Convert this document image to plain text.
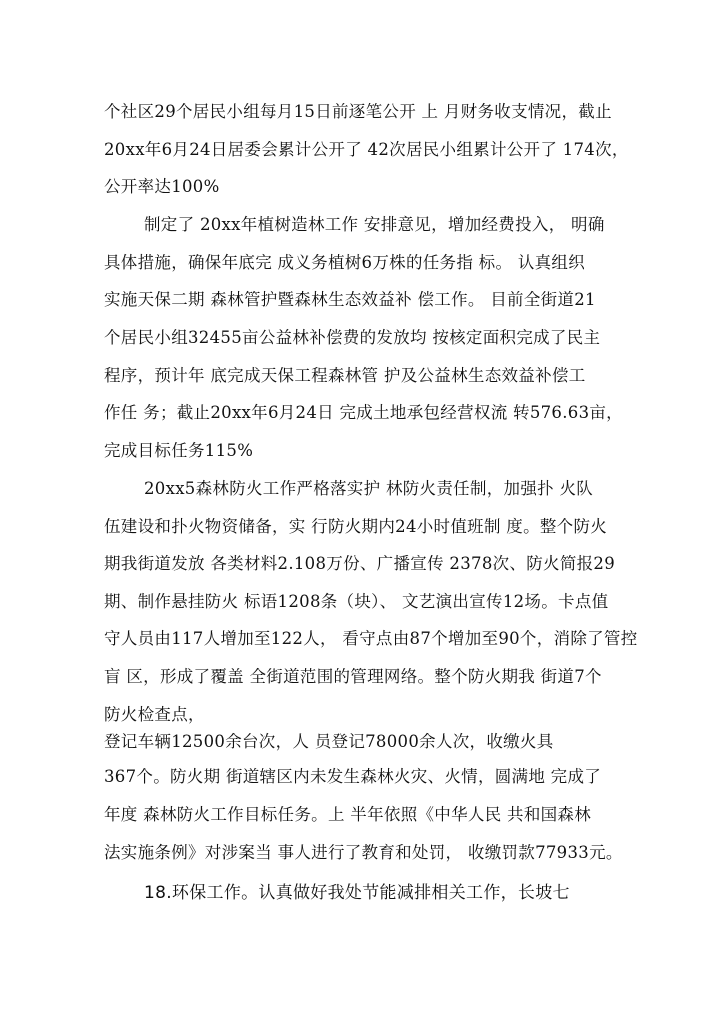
个社区29个居民小组每月15日前逐笔公开 上 月财务收支情况，截止
20xx年6月24日居委会累计公开了 42次居民小组累计公开了 174次，
公开率达100%
制定了 20xx年植树造林工作 安排意见，增加经费投入， 明确
具体措施，确保年底完 成义务植树6万株的任务指 标。 认真组织
实施天保二期 森林管护暨森林生态效益补 偿工作。 目前全街道21
个居民小组32455亩公益林补偿费的发放均 按核定面积完成了民主
程序，预计年 底完成天保工程森林管 护及公益林生态效益补偿工
作任 务；截止20xx年6月24日 完成土地承包经营权流 转576.63亩，
完成目标任务115%
20xx5森林防火工作严格落实护 林防火责任制，加强扑 火队
伍建设和扑火物资储备，实 行防火期内24小时值班制 度。整个防火
期我街道发放 各类材料2.108万份、广播宣传 2378次、防火简报29
期、制作悬挂防火 标语1208条（块）、 文艺演出宣传12场。卡点值
守人员由117人增加至122人， 看守点由87个增加至90个，消除了管控
盲 区，形成了覆盖 全街道范围的管理网络。整个防火期我 街道7个
防火检查点，
登记车辆12500余台次，人 员登记78000余人次，收缴火具
367个。防火期 街道辖区内未发生森林火灾、火情，圆满地 完成了
年度 森林防火工作目标任务。上 半年依照《中华人民 共和国森林
法实施条例》对涉案当 事人进行了教育和处罚， 收缴罚款77933元。
18.环保工作。认真做好我处节能减排相关工作，长坡七
